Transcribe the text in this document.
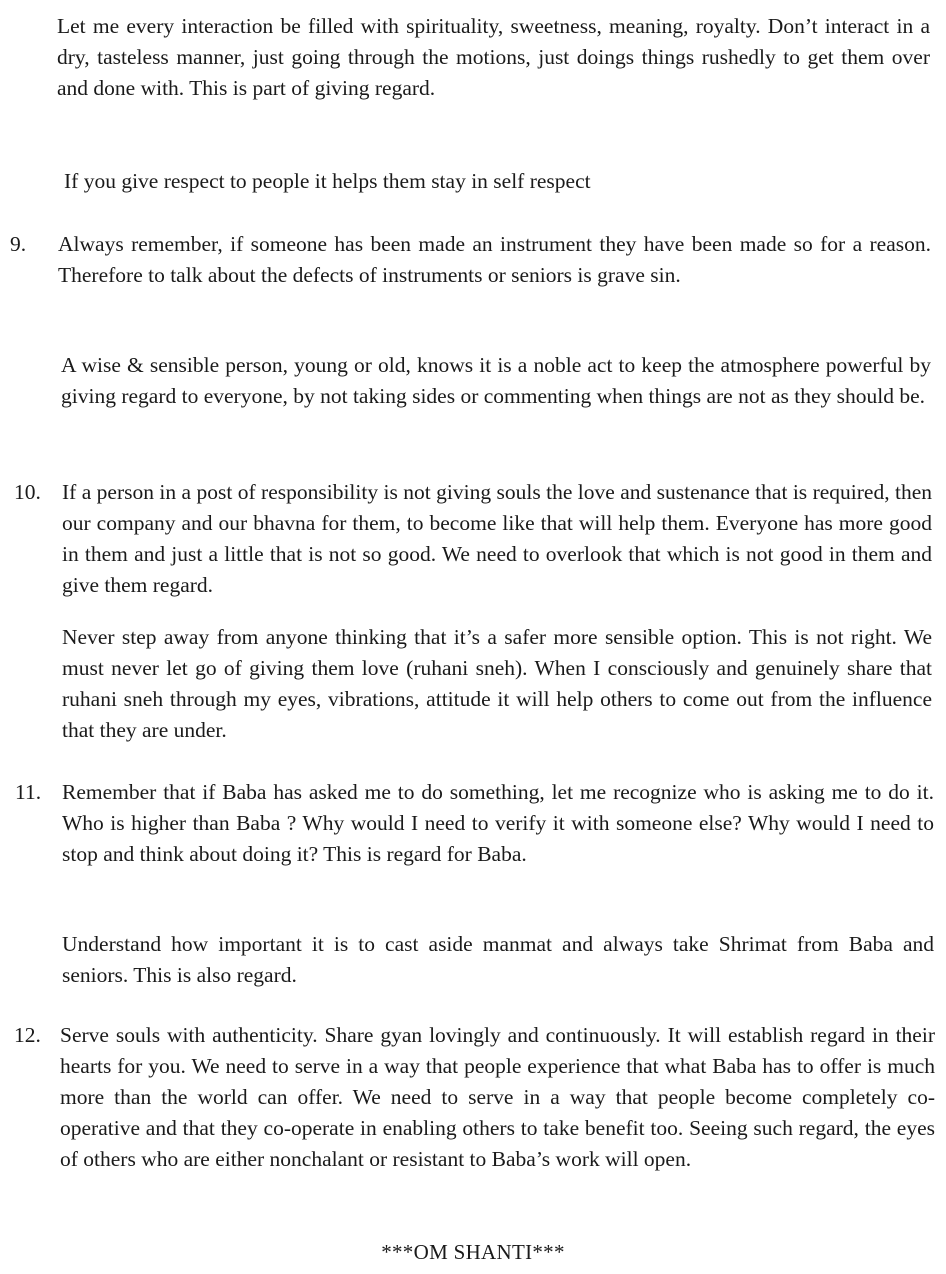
Let me every interaction be filled with spirituality, sweetness, meaning, royalty. Don’t interact in a dry, tasteless manner, just going through the motions, just doings things rushedly to get them over and done with. This is part of giving regard.

If you give respect to people it helps them stay in self respect

9. Always remember, if someone has been made an instrument they have been made so for a reason. Therefore to talk about the defects of instruments or seniors is grave sin.

A wise & sensible person, young or old, knows it is a noble act to keep the atmosphere powerful by giving regard to everyone, by not taking sides or commenting when things are not as they should be.

10. If a person in a post of responsibility is not giving souls the love and sustenance that is required, then our company and our bhavna for them, to become like that will help them. Everyone has more good in them and just a little that is not so good. We need to overlook that which is not good in them and give them regard.

Never step away from anyone thinking that it’s a safer more sensible option. This is not right. We must never let go of giving them love (ruhani sneh). When I consciously and genuinely share that ruhani sneh through my eyes, vibrations, attitude it will help others to come out from the influence that they are under.

11. Remember that if Baba has asked me to do something, let me recognize who is asking me to do it. Who is higher than Baba ? Why would I need to verify it with someone else? Why would I need to stop and think about doing it? This is regard for Baba.

Understand how important it is to cast aside manmat and always take Shrimat from Baba and seniors. This is also regard.

12. Serve souls with authenticity. Share gyan lovingly and continuously. It will establish regard in their hearts for you. We need to serve in a way that people experience that what Baba has to offer is much more than the world can offer. We need to serve in a way that people become completely co-operative and that they co-operate in enabling others to take benefit too. Seeing such regard, the eyes of others who are either nonchalant or resistant to Baba’s work will open.

***OM SHANTI***
